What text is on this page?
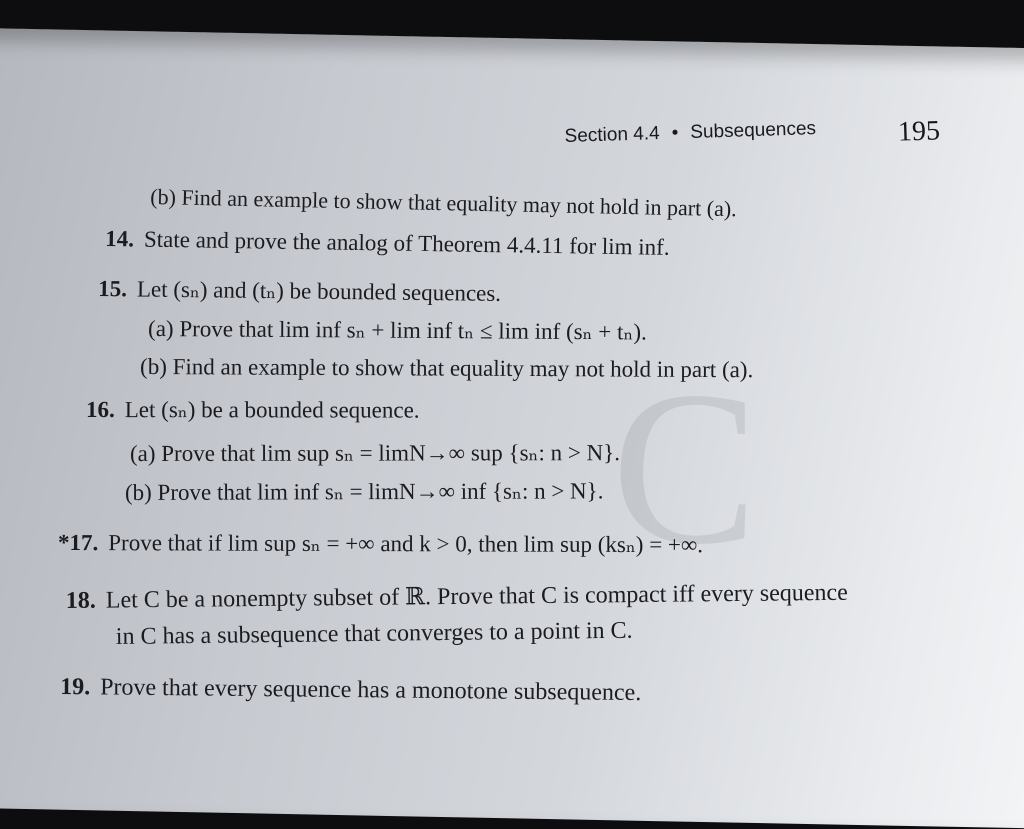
C
Section 4.4 • Subsequences	195
(b) Find an example to show that equality may not hold in part (a).
14. State and prove the analog of Theorem 4.4.11 for lim inf.
15. Let (sₙ) and (tₙ) be bounded sequences.
(a) Prove that lim inf sₙ + lim inf tₙ ≤ lim inf (sₙ + tₙ).
(b) Find an example to show that equality may not hold in part (a).
16. Let (sₙ) be a bounded sequence.
(a) Prove that lim sup sₙ = limN→∞ sup {sₙ: n > N}.
(b) Prove that lim inf sₙ = limN→∞ inf {sₙ: n > N}.
*17. Prove that if lim sup sₙ = +∞ and k > 0, then lim sup (ksₙ) = +∞.
18. Let C be a nonempty subset of ℝ. Prove that C is compact iff every sequence
in C has a subsequence that converges to a point in C.
19. Prove that every sequence has a monotone subsequence.
